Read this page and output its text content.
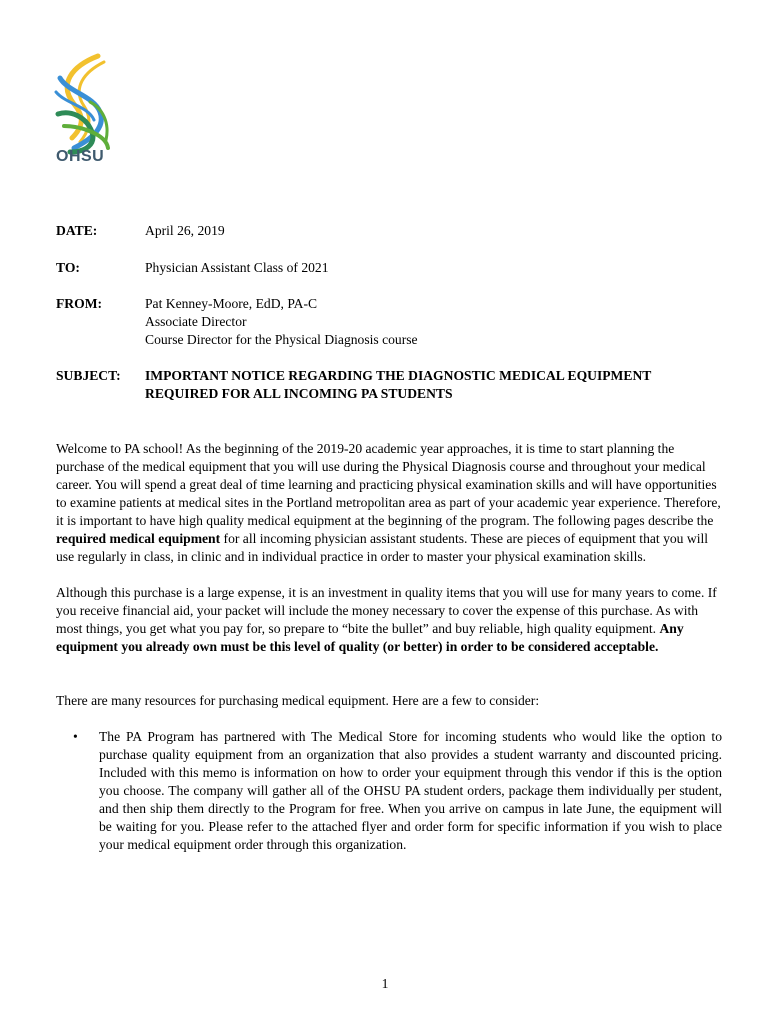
OHSU
DATE:	April 26, 2019
TO:	Physician Assistant Class of 2021
FROM:	Pat Kenney-Moore, EdD, PA-C
Associate Director
Course Director for the Physical Diagnosis course
SUBJECT:	IMPORTANT NOTICE REGARDING THE DIAGNOSTIC MEDICAL EQUIPMENT
REQUIRED FOR ALL INCOMING PA STUDENTS

Welcome to PA school! As the beginning of the 2019-20 academic year approaches, it is time to start planning the purchase of the medical equipment that you will use during the Physical Diagnosis course and throughout your medical career. You will spend a great deal of time learning and practicing physical examination skills and will have opportunities to examine patients at medical sites in the Portland metropolitan area as part of your academic year experience. Therefore, it is important to have high quality medical equipment at the beginning of the program. The following pages describe the required medical equipment for all incoming physician assistant students. These are pieces of equipment that you will use regularly in class, in clinic and in individual practice in order to master your physical examination skills.

Although this purchase is a large expense, it is an investment in quality items that you will use for many years to come. If you receive financial aid, your packet will include the money necessary to cover the expense of this purchase. As with most things, you get what you pay for, so prepare to “bite the bullet” and buy reliable, high quality equipment. Any equipment you already own must be this level of quality (or better) in order to be considered acceptable.

There are many resources for purchasing medical equipment. Here are a few to consider:

• The PA Program has partnered with The Medical Store for incoming students who would like the option to purchase quality equipment from an organization that also provides a student warranty and discounted pricing. Included with this memo is information on how to order your equipment through this vendor if this is the option you choose. The company will gather all of the OHSU PA student orders, package them individually per student, and then ship them directly to the Program for free. When you arrive on campus in late June, the equipment will be waiting for you. Please refer to the attached flyer and order form for specific information if you wish to place your medical equipment order through this organization.
1
